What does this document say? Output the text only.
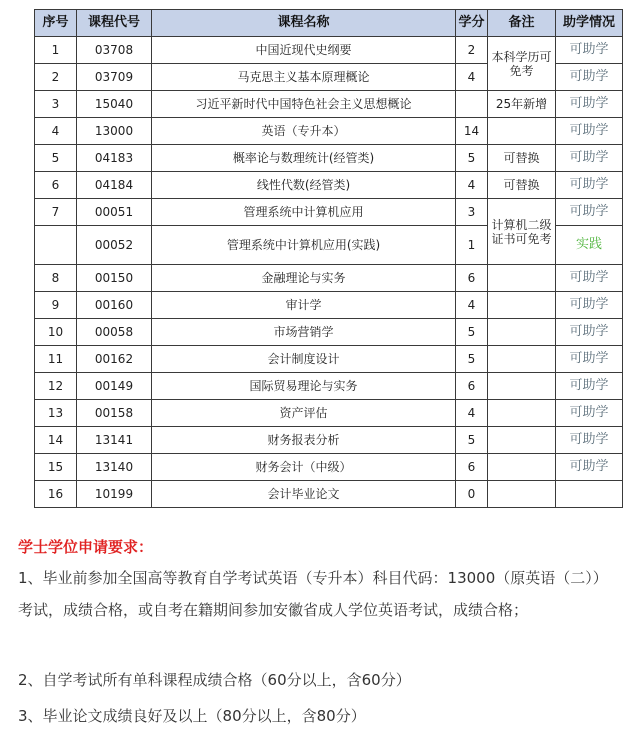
序号	课程代号	课程名称	学分	备注	助学情况
1	03708	中国近现代史纲要	2	本科学历可免考	可助学
2	03709	马克思主义基本原理概论	4		可助学
3	15040	习近平新时代中国特色社会主义思想概论		25年新增	可助学
4	13000	英语（专升本）	14		可助学
5	04183	概率论与数理统计(经管类)	5	可替换	可助学
6	04184	线性代数(经管类)	4	可替换	可助学
7	00051	管理系统中计算机应用	3	计算机二级证书可免考	可助学
	00052	管理系统中计算机应用(实践)	1		实践
8	00150	金融理论与实务	6		可助学
9	00160	审计学	4		可助学
10	00058	市场营销学	5		可助学
11	00162	会计制度设计	5		可助学
12	00149	国际贸易理论与实务	6		可助学
13	00158	资产评估	4		可助学
14	13141	财务报表分析	5		可助学
15	13140	财务会计（中级）	6		可助学
16	10199	会计毕业论文	0		

学士学位申请要求：

1、毕业前参加全国高等教育自学考试英语（专升本）科目代码：13000（原英语（二））考试，成绩合格，或自考在籍期间参加安徽省成人学位英语考试，成绩合格；

2、自学考试所有单科课程成绩合格（60分以上，含60分）

3、毕业论文成绩良好及以上（80分以上，含80分）
